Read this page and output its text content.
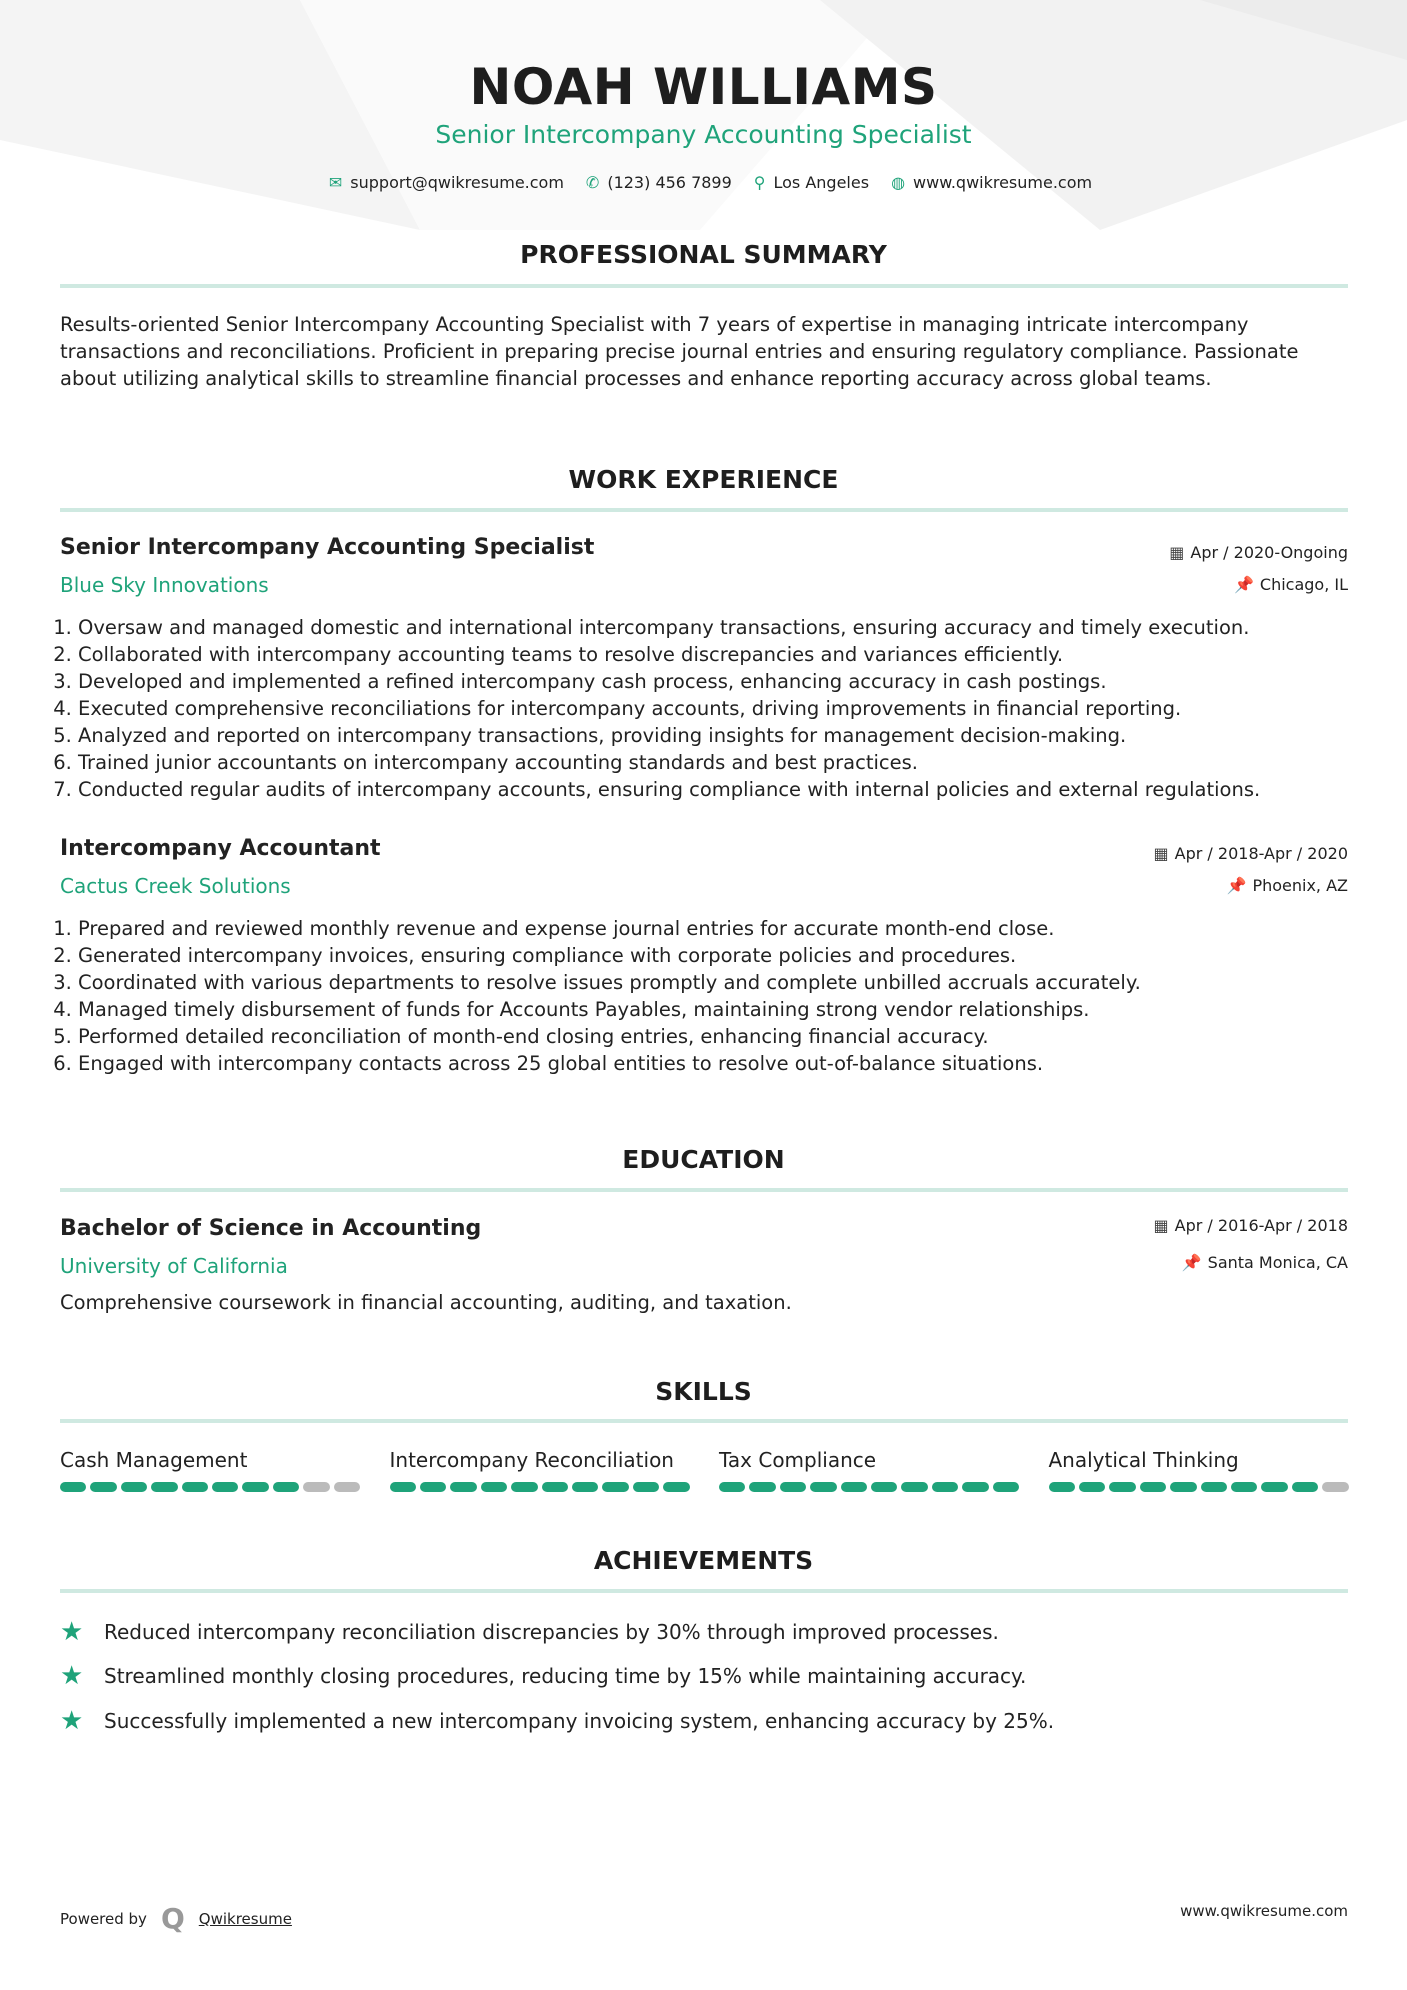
NOAH WILLIAMS
Senior Intercompany Accounting Specialist
✉ support@qwikresume.com ✆ (123) 456 7899 ⚲ Los Angeles ◍ www.qwikresume.com
PROFESSIONAL SUMMARY
Results-oriented Senior Intercompany Accounting Specialist with 7 years of expertise in managing intricate intercompany transactions and reconciliations. Proficient in preparing precise journal entries and ensuring regulatory compliance. Passionate about utilizing analytical skills to streamline financial processes and enhance reporting accuracy across global teams.
WORK EXPERIENCE
Senior Intercompany Accounting Specialist
Blue Sky Innovations
▦ Apr / 2020-Ongoing
📌 Chicago, IL
1. Oversaw and managed domestic and international intercompany transactions, ensuring accuracy and timely execution.
2. Collaborated with intercompany accounting teams to resolve discrepancies and variances efficiently.
3. Developed and implemented a refined intercompany cash process, enhancing accuracy in cash postings.
4. Executed comprehensive reconciliations for intercompany accounts, driving improvements in financial reporting.
5. Analyzed and reported on intercompany transactions, providing insights for management decision-making.
6. Trained junior accountants on intercompany accounting standards and best practices.
7. Conducted regular audits of intercompany accounts, ensuring compliance with internal policies and external regulations.
Intercompany Accountant
Cactus Creek Solutions
▦ Apr / 2018-Apr / 2020
📌 Phoenix, AZ
1. Prepared and reviewed monthly revenue and expense journal entries for accurate month-end close.
2. Generated intercompany invoices, ensuring compliance with corporate policies and procedures.
3. Coordinated with various departments to resolve issues promptly and complete unbilled accruals accurately.
4. Managed timely disbursement of funds for Accounts Payables, maintaining strong vendor relationships.
5. Performed detailed reconciliation of month-end closing entries, enhancing financial accuracy.
6. Engaged with intercompany contacts across 25 global entities to resolve out-of-balance situations.
EDUCATION
Bachelor of Science in Accounting
University of California
▦ Apr / 2016-Apr / 2018
📌 Santa Monica, CA
Comprehensive coursework in financial accounting, auditing, and taxation.
SKILLS
Cash Management	Intercompany Reconciliation	Tax Compliance	Analytical Thinking
ACHIEVEMENTS
★	Reduced intercompany reconciliation discrepancies by 30% through improved processes.
★	Streamlined monthly closing procedures, reducing time by 15% while maintaining accuracy.
★	Successfully implemented a new intercompany invoicing system, enhancing accuracy by 25%.
Powered by Q Qwikresume	www.qwikresume.com
